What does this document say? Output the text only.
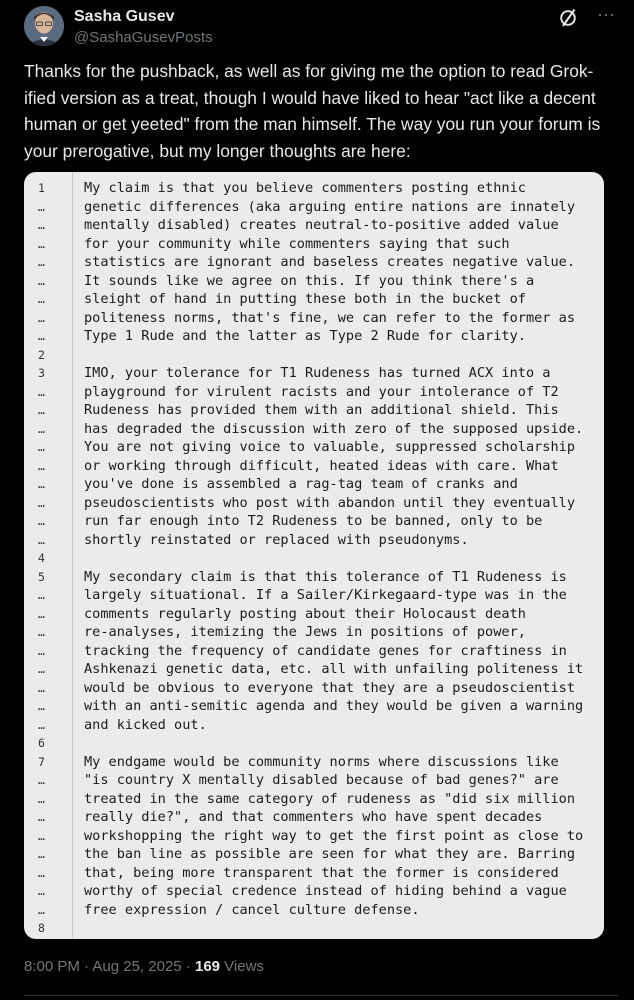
Sasha Gusev
@SashaGusevPosts
···
Thanks for the pushback, as well as for giving me the option to read Grok-ified version as a treat, though I would have liked to hear "act like a decent human or get yeeted" from the man himself. The way you run your forum is your prerogative, but my longer thoughts are here:
1
…
…
…
…
…
…
…
…
2
3
…
…
…
…
…
…
…
…
…
4
5
…
…
…
…
…
…
…
…
6
7
…
…
…
…
…
…
…
…
8
My claim is that you believe commenters posting ethnic
genetic differences (aka arguing entire nations are innately
mentally disabled) creates neutral-to-positive added value
for your community while commenters saying that such
statistics are ignorant and baseless creates negative value.
It sounds like we agree on this. If you think there's a
sleight of hand in putting these both in the bucket of
politeness norms, that's fine, we can refer to the former as
Type 1 Rude and the latter as Type 2 Rude for clarity.
IMO, your tolerance for T1 Rudeness has turned ACX into a
playground for virulent racists and your intolerance of T2
Rudeness has provided them with an additional shield. This
has degraded the discussion with zero of the supposed upside.
You are not giving voice to valuable, suppressed scholarship
or working through difficult, heated ideas with care. What
you've done is assembled a rag-tag team of cranks and
pseudoscientists who post with abandon until they eventually
run far enough into T2 Rudeness to be banned, only to be
shortly reinstated or replaced with pseudonyms.
My secondary claim is that this tolerance of T1 Rudeness is
largely situational. If a Sailer/Kirkegaard-type was in the
comments regularly posting about their Holocaust death
re-analyses, itemizing the Jews in positions of power,
tracking the frequency of candidate genes for craftiness in
Ashkenazi genetic data, etc. all with unfailing politeness it
would be obvious to everyone that they are a pseudoscientist
with an anti-semitic agenda and they would be given a warning
and kicked out.
My endgame would be community norms where discussions like
"is country X mentally disabled because of bad genes?" are
treated in the same category of rudeness as "did six million
really die?", and that commenters who have spent decades
workshopping the right way to get the first point as close to
the ban line as possible are seen for what they are. Barring
that, being more transparent that the former is considered
worthy of special credence instead of hiding behind a vague
free expression / cancel culture defense.
8:00 PM · Aug 25, 2025 · 169 Views
